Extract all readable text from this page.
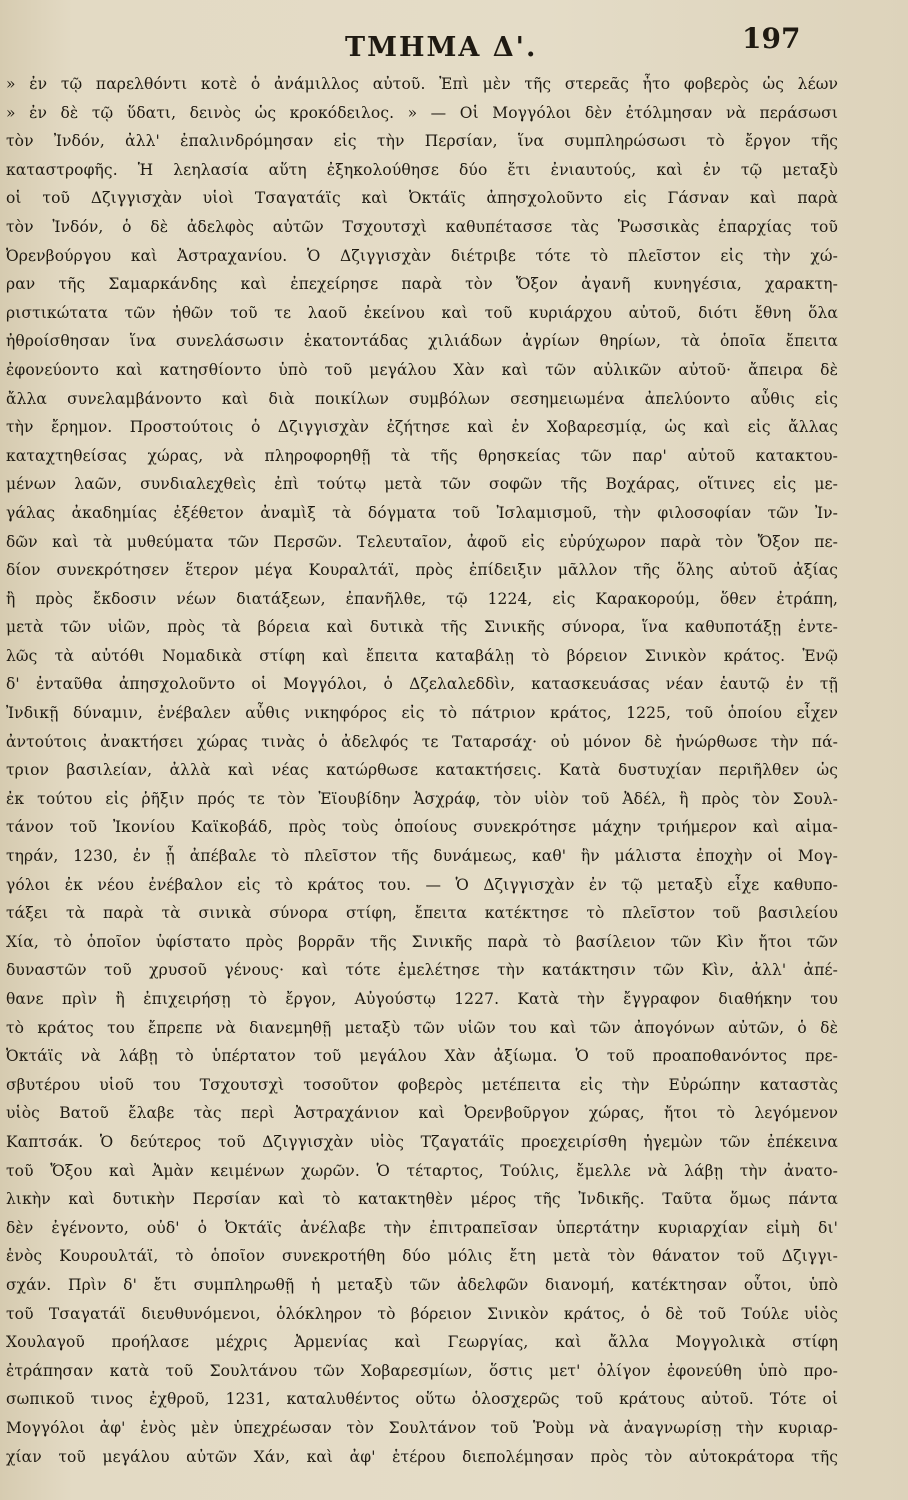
ΤΜΗΜΑ Δ'.	197
» ἐν τῷ παρελθόντι κοτὲ ὁ ἀνάμιλλος αὐτοῦ. Ἐπὶ μὲν τῆς στερεᾶς ἦτο φοβερὸς ὡς λέων
» ἐν δὲ τῷ ὕδατι, δεινὸς ὡς κροκόδειλος. » — Οἱ Μογγόλοι δὲν ἐτόλμησαν νὰ περάσωσι
τὸν Ἰνδόν, ἀλλ' ἐπαλινδρόμησαν εἰς τὴν Περσίαν, ἵνα συμπληρώσωσι τὸ ἔργον τῆς
καταστροφῆς. Ἡ λεηλασία αὕτη ἐξηκολούθησε δύο ἔτι ἐνιαυτούς, καὶ ἐν τῷ μεταξὺ
οἱ τοῦ Δζιγγισχὰν υἱοὶ Τσαγατάϊς καὶ Ὀκτάϊς ἀπησχολοῦντο εἰς Γάσναν καὶ παρὰ
τὸν Ἰνδόν, ὁ δὲ ἀδελφὸς αὐτῶν Τσχουτσχὶ καθυπέτασσε τὰς Ῥωσσικὰς ἐπαρχίας τοῦ
Ὀρενβούργου καὶ Ἀστραχανίου. Ὁ Δζιγγισχὰν διέτριβε τότε τὸ πλεῖστον εἰς τὴν χώ-
ραν τῆς Σαμαρκάνδης καὶ ἐπεχείρησε παρὰ τὸν Ὄξον ἀγανῆ κυνηγέσια, χαρακτη-
ριστικώτατα τῶν ἠθῶν τοῦ τε λαοῦ ἐκείνου καὶ τοῦ κυριάρχου αὐτοῦ, διότι ἔθνη ὅλα
ἠθροίσθησαν ἵνα συνελάσωσιν ἑκατοντάδας χιλιάδων ἀγρίων θηρίων, τὰ ὁποῖα ἔπειτα
ἐφονεύοντο καὶ κατησθίοντο ὑπὸ τοῦ μεγάλου Χὰν καὶ τῶν αὐλικῶν αὐτοῦ· ἄπειρα δὲ
ἄλλα συνελαμβάνοντο καὶ διὰ ποικίλων συμβόλων σεσημειωμένα ἀπελύοντο αὖθις εἰς
τὴν ἔρημον. Προστούτοις ὁ Δζιγγισχὰν ἐζήτησε καὶ ἐν Χοβαρεσμίᾳ, ὡς καὶ εἰς ἄλλας
καταχτηθείσας χώρας, νὰ πληροφορηθῇ τὰ τῆς θρησκείας τῶν παρ' αὐτοῦ κατακτου-
μένων λαῶν, συνδιαλεχθεὶς ἐπὶ τούτῳ μετὰ τῶν σοφῶν τῆς Βοχάρας, οἵτινες εἰς με-
γάλας ἀκαδημίας ἐξέθετον ἀναμὶξ τὰ δόγματα τοῦ Ἰσλαμισμοῦ, τὴν φιλοσοφίαν τῶν Ἰν-
δῶν καὶ τὰ μυθεύματα τῶν Περσῶν. Τελευταῖον, ἀφοῦ εἰς εὐρύχωρον παρὰ τὸν Ὄξον πε-
δίον συνεκρότησεν ἕτερον μέγα Κουραλτάϊ, πρὸς ἐπίδειξιν μᾶλλον τῆς ὅλης αὐτοῦ ἀξίας
ἢ πρὸς ἔκδοσιν νέων διατάξεων, ἐπανῆλθε, τῷ 1224, εἰς Καρακορούμ, ὅθεν ἐτράπη,
μετὰ τῶν υἱῶν, πρὸς τὰ βόρεια καὶ δυτικὰ τῆς Σινικῆς σύνορα, ἵνα καθυποτάξῃ ἐντε-
λῶς τὰ αὐτόθι Νομαδικὰ στίφη καὶ ἔπειτα καταβάλῃ τὸ βόρειον Σινικὸν κράτος. Ἐνῷ
δ' ἐνταῦθα ἀπησχολοῦντο οἱ Μογγόλοι, ὁ Δζελαλεδδὶν, κατασκευάσας νέαν ἑαυτῷ ἐν τῇ
Ἰνδικῇ δύναμιν, ἐνέβαλεν αὖθις νικηφόρος εἰς τὸ πάτριον κράτος, 1225, τοῦ ὁποίου εἶχεν
ἀντούτοις ἀνακτήσει χώρας τινὰς ὁ ἀδελφός τε Ταταρσάχ· οὐ μόνον δὲ ἠνώρθωσε τὴν πά-
τριον βασιλείαν, ἀλλὰ καὶ νέας κατώρθωσε κατακτήσεις. Κατὰ δυστυχίαν περιῆλθεν ὡς
ἐκ τούτου εἰς ῥῆξιν πρός τε τὸν Ἐϊουβίδην Ἀσχράφ, τὸν υἱὸν τοῦ Ἀδέλ, ἢ πρὸς τὸν Σουλ-
τάνον τοῦ Ἰκονίου Καϊκοβάδ, πρὸς τοὺς ὁποίους συνεκρότησε μάχην τριήμερον καὶ αἱμα-
τηράν, 1230, ἐν ᾗ ἀπέβαλε τὸ πλεῖστον τῆς δυνάμεως, καθ' ἣν μάλιστα ἐποχὴν οἱ Μογ-
γόλοι ἐκ νέου ἐνέβαλον εἰς τὸ κράτος του. — Ὁ Δζιγγισχὰν ἐν τῷ μεταξὺ εἶχε καθυπο-
τάξει τὰ παρὰ τὰ σινικὰ σύνορα στίφη, ἔπειτα κατέκτησε τὸ πλεῖστον τοῦ βασιλείου
Χία, τὸ ὁποῖον ὑφίστατο πρὸς βορρᾶν τῆς Σινικῆς παρὰ τὸ βασίλειον τῶν Κὶν ἤτοι τῶν
δυναστῶν τοῦ χρυσοῦ γένους· καὶ τότε ἐμελέτησε τὴν κατάκτησιν τῶν Κὶν, ἀλλ' ἀπέ-
θανε πρὶν ἢ ἐπιχειρήσῃ τὸ ἔργον, Αὐγούστῳ 1227. Κατὰ τὴν ἔγγραφον διαθήκην του
τὸ κράτος του ἔπρεπε νὰ διανεμηθῇ μεταξὺ τῶν υἱῶν του καὶ τῶν ἀπογόνων αὐτῶν, ὁ δὲ
Ὀκτάϊς νὰ λάβῃ τὸ ὑπέρτατον τοῦ μεγάλου Χὰν ἀξίωμα. Ὁ τοῦ προαποθανόντος πρε-
σβυτέρου υἱοῦ του Τσχουτσχὶ τοσοῦτον φοβερὸς μετέπειτα εἰς τὴν Εὐρώπην καταστὰς
υἱὸς Βατοῦ ἔλαβε τὰς περὶ Ἀστραχάνιον καὶ Ὀρενβοῦργον χώρας, ἤτοι τὸ λεγόμενον
Καπτσάκ. Ὁ δεύτερος τοῦ Δζιγγισχὰν υἱὸς Τζαγατάϊς προεχειρίσθη ἡγεμὼν τῶν ἐπέκεινα
τοῦ Ὄξου καὶ Ἀμὰν κειμένων χωρῶν. Ὁ τέταρτος, Τούλις, ἔμελλε νὰ λάβῃ τὴν ἀνατο-
λικὴν καὶ δυτικὴν Περσίαν καὶ τὸ κατακτηθὲν μέρος τῆς Ἰνδικῆς. Ταῦτα ὅμως πάντα
δὲν ἐγένοντο, οὐδ' ὁ Ὀκτάϊς ἀνέλαβε τὴν ἐπιτραπεῖσαν ὑπερτάτην κυριαρχίαν εἰμὴ δι'
ἑνὸς Κουρουλτάϊ, τὸ ὁποῖον συνεκροτήθη δύο μόλις ἔτη μετὰ τὸν θάνατον τοῦ Δζιγγι-
σχάν. Πρὶν δ' ἔτι συμπληρωθῇ ἡ μεταξὺ τῶν ἀδελφῶν διανομή, κατέκτησαν οὗτοι, ὑπὸ
τοῦ Τσαγατάϊ διευθυνόμενοι, ὁλόκληρον τὸ βόρειον Σινικὸν κράτος, ὁ δὲ τοῦ Τούλε υἱὸς
Χουλαγοῦ προήλασε μέχρις Ἀρμενίας καὶ Γεωργίας, καὶ ἄλλα Μογγολικὰ στίφη
ἐτράπησαν κατὰ τοῦ Σουλτάνου τῶν Χοβαρεσμίων, ὅστις μετ' ὀλίγον ἐφονεύθη ὑπὸ προ-
σωπικοῦ τινος ἐχθροῦ, 1231, καταλυθέντος οὕτω ὁλοσχερῶς τοῦ κράτους αὐτοῦ. Τότε οἱ
Μογγόλοι ἀφ' ἑνὸς μὲν ὑπεχρέωσαν τὸν Σουλτάνον τοῦ Ῥοὺμ νὰ ἀναγνωρίσῃ τὴν κυριαρ-
χίαν τοῦ μεγάλου αὐτῶν Χάν, καὶ ἀφ' ἑτέρου διεπολέμησαν πρὸς τὸν αὐτοκράτορα τῆς
